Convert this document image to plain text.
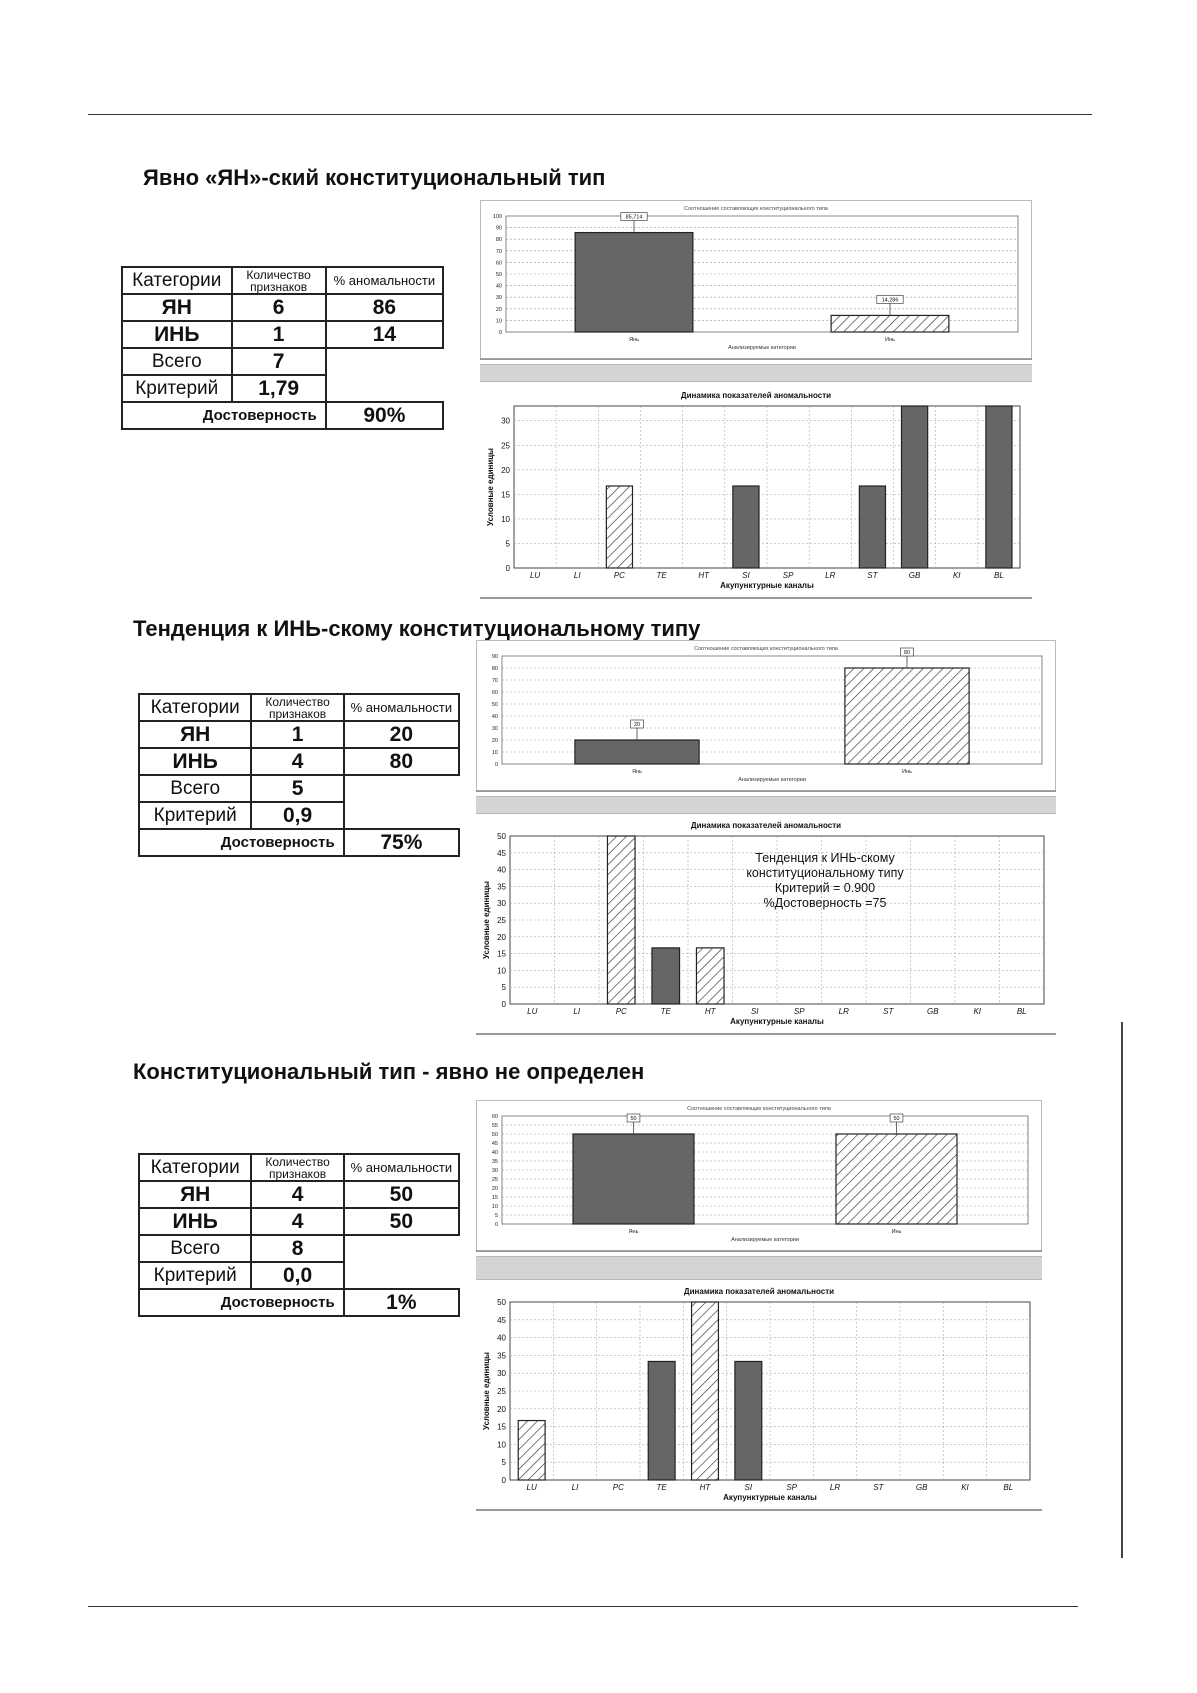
Явно «ЯН»-ский конституциональный тип
Категории	Количество признаков	% аномальности
ЯН	6	86
ИНЬ	1	14
Всего	7	
Критерий	1,79	
Достоверность		90%
Соотношение составляющих конституционального типа
0
10
20
30
40
50
60
70
80
90
100	85,714
Янь
14,286
Инь
Анализируемые категории
Динамика показателей аномальности
0
5
10
15
20
25
30
LU	LI	PC	TE	HT	SI	SP	LR	ST	GB	KI	BL
Акупунктурные каналы
Условные единицы
Тенденция к ИНЬ-скому конституциональному типу
Категории	Количество признаков	% аномальности
ЯН	1	20
ИНЬ	4	80
Всего	5	
Критерий	0,9	
Достоверность		75%
Соотношение составляющих конституционального типа
0
10
20
30
40
50
60
70
80
90
20
Янь
80
Инь
Анализируемые категории
Динамика показателей аномальности
0
5
10
15
20
25
30
35
40
45
50
LU	LI	PC	TE	HT	SI	SP	LR	ST	GB	KI	BL
Акупунктурные каналы
Условные единицы
Тенденция к ИНЬ-скому
конституциональному типу
Критерий = 0.900
%Достоверность =75
Конституциональный тип - явно не определен
Категории	Количество признаков	% аномальности
ЯН	4	50
ИНЬ	4	50
Всего	8	
Критерий	0,0	
Достоверность		1%
Соотношение составляющих конституционального типа
0
5
10
15
20
25
30
35
40
45
50
55
60	50
Янь
50
Инь
Анализируемые категории
Динамика показателей аномальности
0
5
10
15
20
25
30
35
40
45
50
LU	LI	PC	TE	HT	SI	SP	LR	ST	GB	KI	BL
Акупунктурные каналы
Условные единицы
